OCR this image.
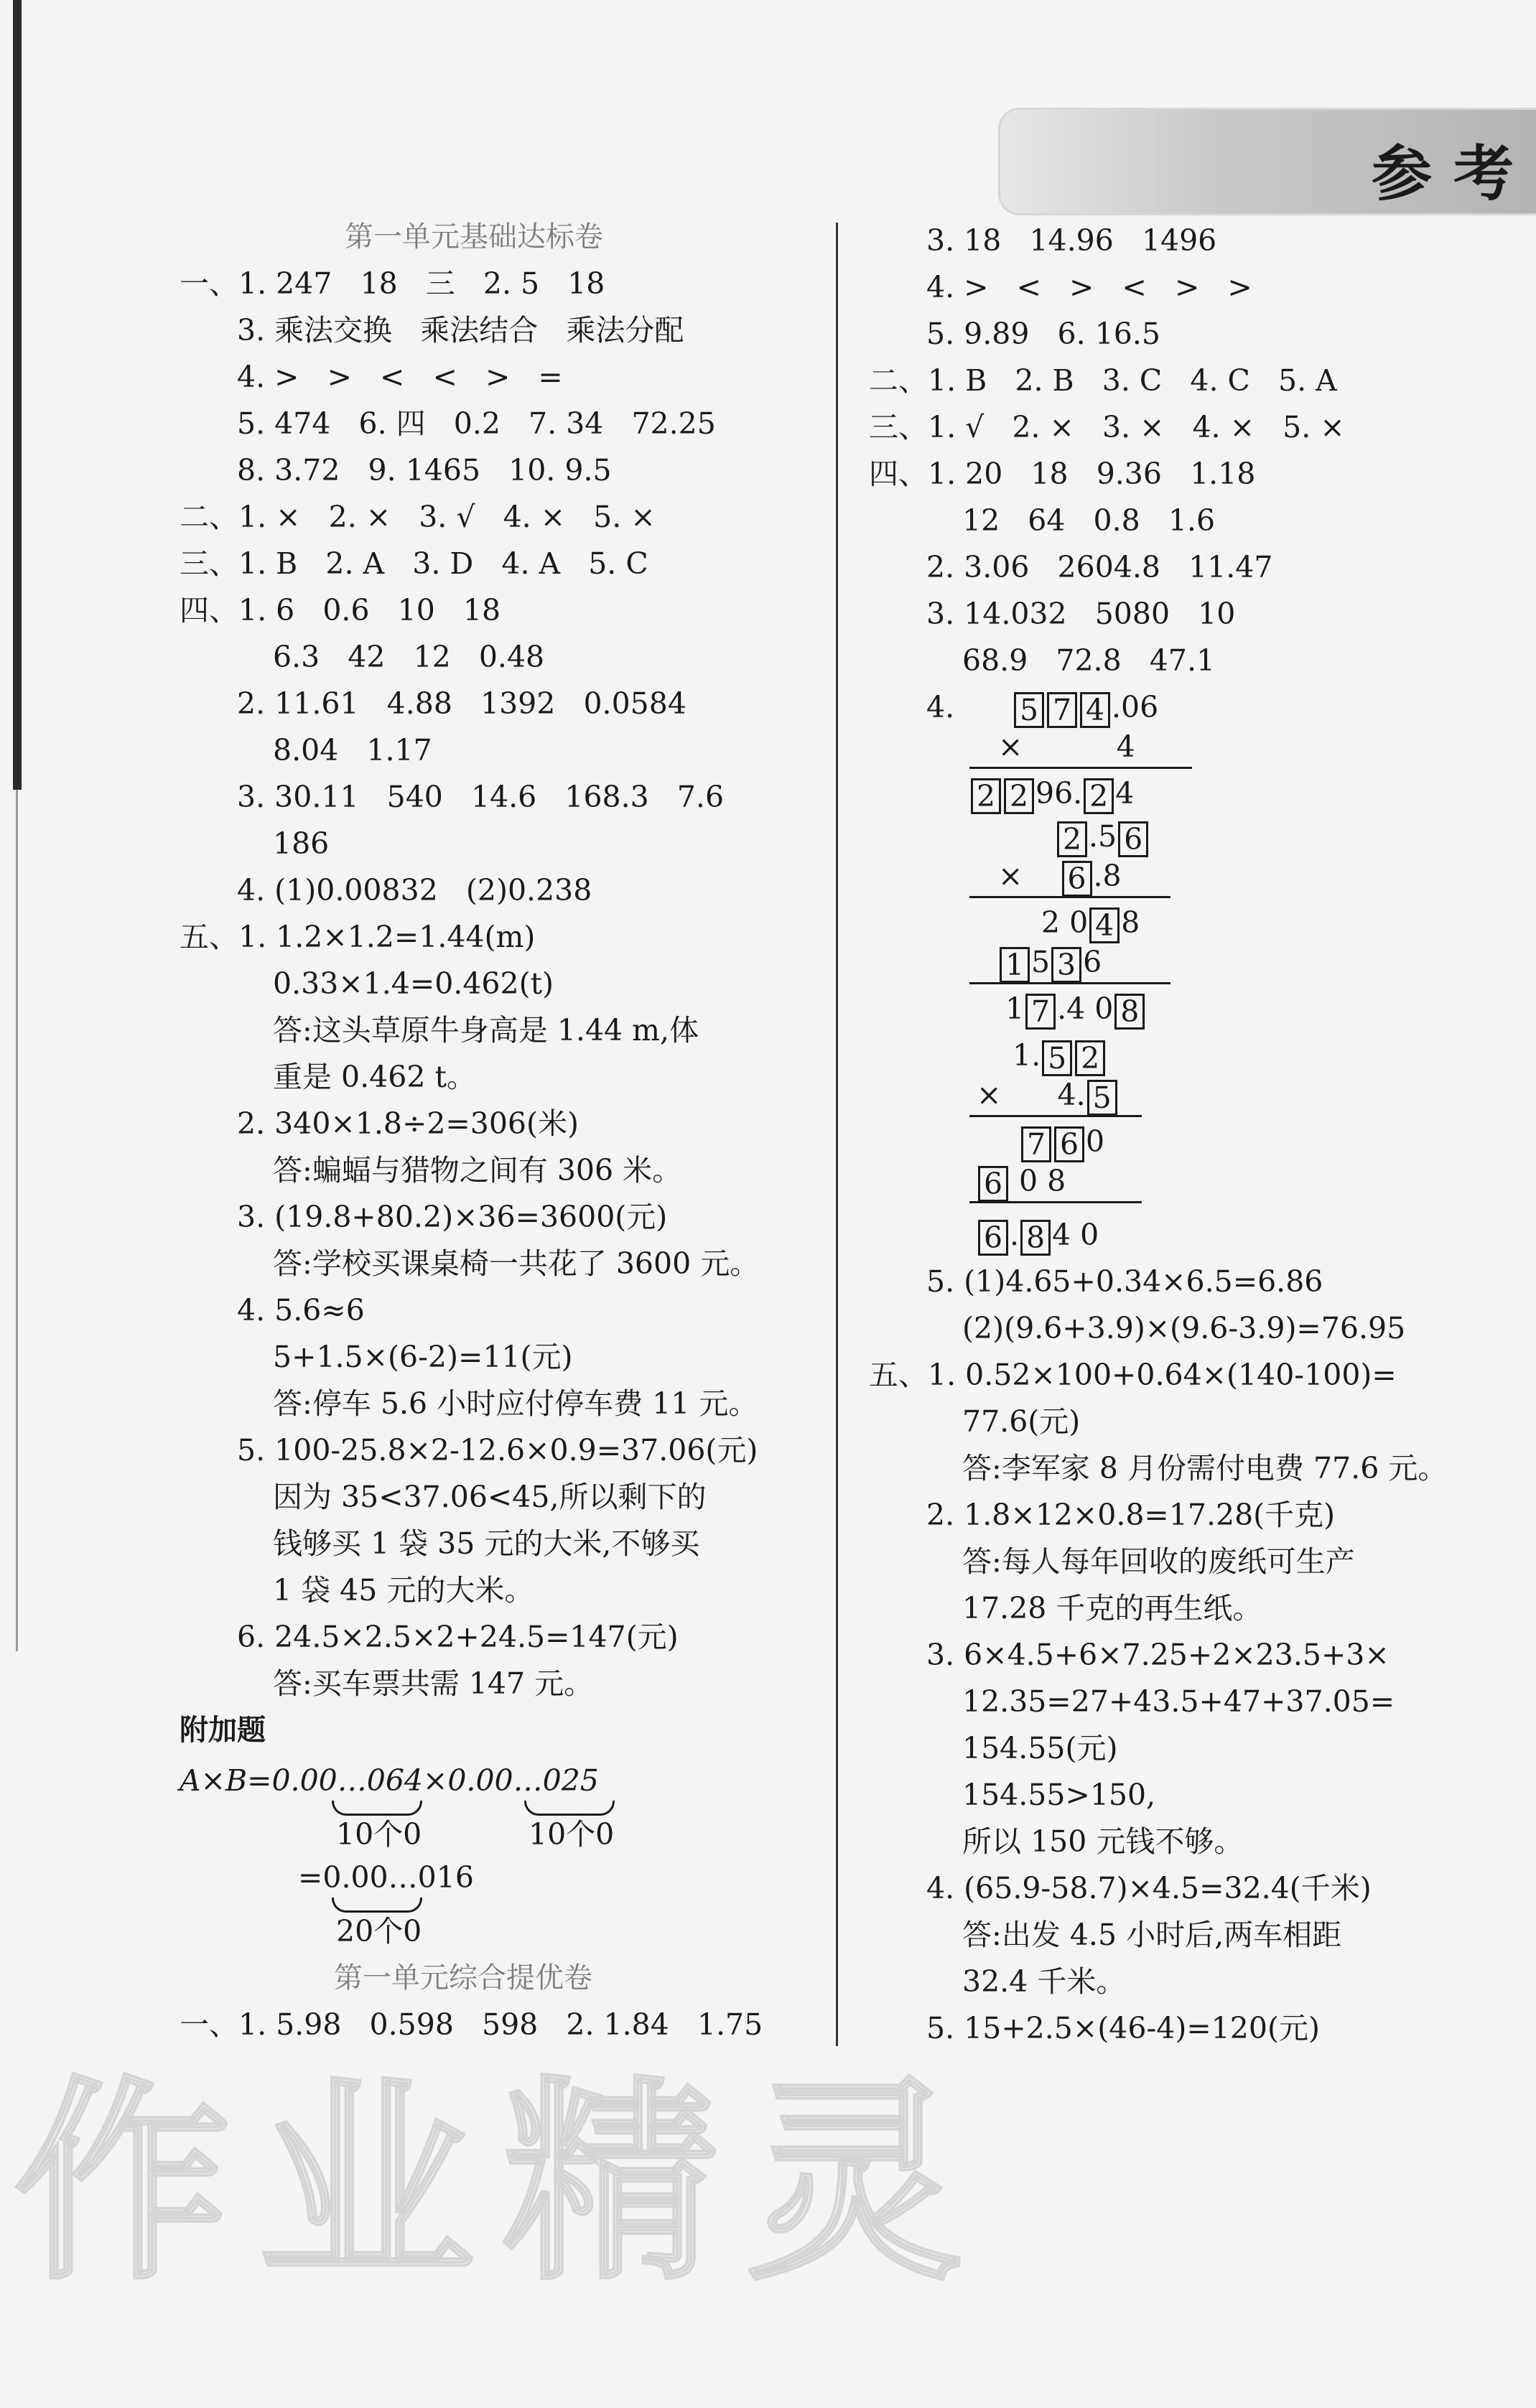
参考
第一单元基础达标卷
一、1. 247   18   三   2. 5   18
3. 乘法交换   乘法结合   乘法分配
4. >   >   <   <   >   =
5. 474   6. 四   0.2   7. 34   72.25
8. 3.72   9. 1465   10. 9.5
二、1. ×   2. ×   3. √   4. ×   5. ×
三、1. B   2. A   3. D   4. A   5. C
四、1. 6   0.6   10   18
6.3   42   12   0.48
2. 11.61   4.88   1392   0.0584
8.04   1.17
3. 30.11   540   14.6   168.3   7.6
186
4. (1)0.00832   (2)0.238
五、1. 1.2×1.2=1.44(m)
0.33×1.4=0.462(t)
答:这头草原牛身高是 1.44 m,体
重是 0.462 t。
2. 340×1.8÷2=306(米)
答:蝙蝠与猎物之间有 306 米。
3. (19.8+80.2)×36=3600(元)
答:学校买课桌椅一共花了 3600 元。
4. 5.6≈6
5+1.5×(6-2)=11(元)
答:停车 5.6 小时应付停车费 11 元。
5. 100-25.8×2-12.6×0.9=37.06(元)
因为 35<37.06<45,所以剩下的
钱够买 1 袋 35 元的大米,不够买
1 袋 45 元的大米。
6. 24.5×2.5×2+24.5=147(元)
答:买车票共需 147 元。
附加题
A×B=0.00…064×0.00…025
10个0	10个0
=0.00…016
20个0
第一单元综合提优卷
一、1. 5.98   0.598   598   2. 1.84   1.75
3. 18   14.96   1496
4. >   <   >   <   >   >
5. 9.89   6. 16.5
二、1. B   2. B   3. C   4. C   5. A
三、1. √   2. ×   3. ×   4. ×   5. ×
四、1. 20   18   9.36   1.18
12   64   0.8   1.6
2. 3.06   2604.8   11.47
3. 14.032   5080   10
68.9   72.8   47.1
4. 5 7 4 .06
×          4
2 2 96. 2 4
2 .5 6
× 6 .8
2 0 4 8
1 5 3 6
1 7 .4 0 8
1. 5 2
×      4. 5
7 6 0
6 0 8
6 . 8 4 0
5. (1)4.65+0.34×6.5=6.86
(2)(9.6+3.9)×(9.6-3.9)=76.95
五、1. 0.52×100+0.64×(140-100)=
77.6(元)
答:李军家 8 月份需付电费 77.6 元。
2. 1.8×12×0.8=17.28(千克)
答:每人每年回收的废纸可生产
17.28 千克的再生纸。
3. 6×4.5+6×7.25+2×23.5+3×
12.35=27+43.5+47+37.05=
154.55(元)
154.55>150,
所以 150 元钱不够。
4. (65.9-58.7)×4.5=32.4(千米)
答:出发 4.5 小时后,两车相距
32.4 千米。
5. 15+2.5×(46-4)=120(元)
作业精灵
